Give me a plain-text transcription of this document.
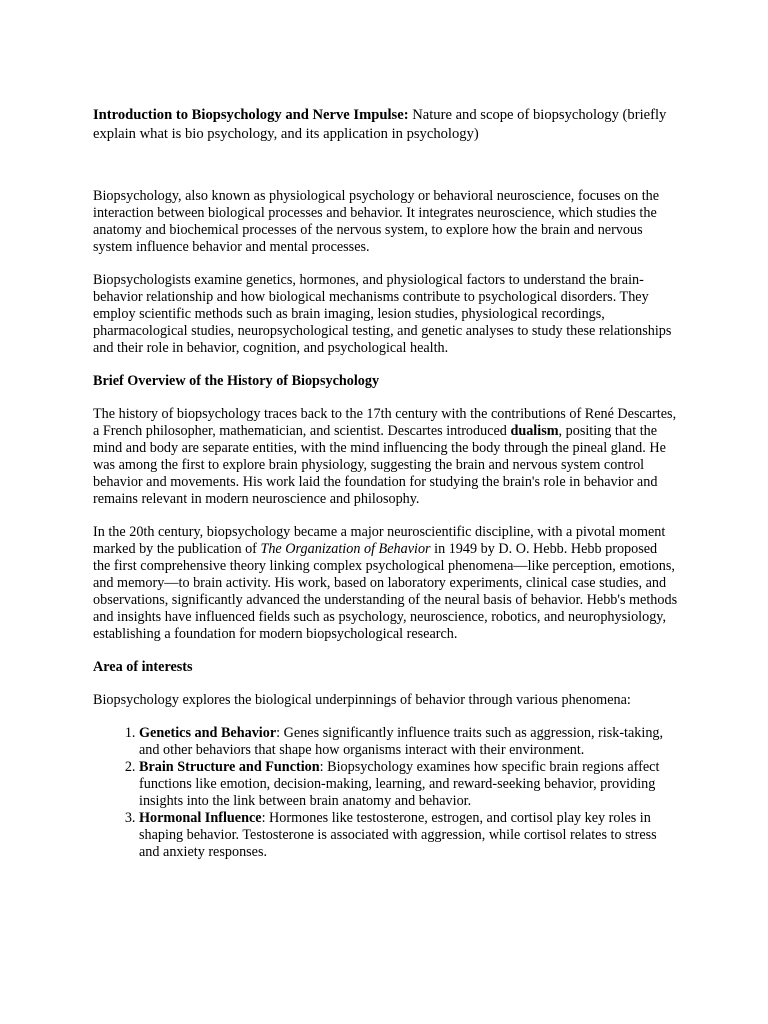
Introduction to Biopsychology and Nerve Impulse: Nature and scope of biopsychology (briefly explain what is bio psychology, and its application in psychology)

Biopsychology, also known as physiological psychology or behavioral neuroscience, focuses on the interaction between biological processes and behavior. It integrates neuroscience, which studies the anatomy and biochemical processes of the nervous system, to explore how the brain and nervous system influence behavior and mental processes.

Biopsychologists examine genetics, hormones, and physiological factors to understand the brain-behavior relationship and how biological mechanisms contribute to psychological disorders. They employ scientific methods such as brain imaging, lesion studies, physiological recordings, pharmacological studies, neuropsychological testing, and genetic analyses to study these relationships and their role in behavior, cognition, and psychological health.

Brief Overview of the History of Biopsychology

The history of biopsychology traces back to the 17th century with the contributions of René Descartes, a French philosopher, mathematician, and scientist. Descartes introduced dualism, positing that the mind and body are separate entities, with the mind influencing the body through the pineal gland. He was among the first to explore brain physiology, suggesting the brain and nervous system control behavior and movements. His work laid the foundation for studying the brain's role in behavior and remains relevant in modern neuroscience and philosophy.

In the 20th century, biopsychology became a major neuroscientific discipline, with a pivotal moment marked by the publication of The Organization of Behavior in 1949 by D. O. Hebb. Hebb proposed the first comprehensive theory linking complex psychological phenomena—like perception, emotions, and memory—to brain activity. His work, based on laboratory experiments, clinical case studies, and observations, significantly advanced the understanding of the neural basis of behavior. Hebb's methods and insights have influenced fields such as psychology, neuroscience, robotics, and neurophysiology, establishing a foundation for modern biopsychological research.

Area of interests

Biopsychology explores the biological underpinnings of behavior through various phenomena:

1. Genetics and Behavior: Genes significantly influence traits such as aggression, risk-taking, and other behaviors that shape how organisms interact with their environment.
2. Brain Structure and Function: Biopsychology examines how specific brain regions affect functions like emotion, decision-making, learning, and reward-seeking behavior, providing insights into the link between brain anatomy and behavior.
3. Hormonal Influence: Hormones like testosterone, estrogen, and cortisol play key roles in shaping behavior. Testosterone is associated with aggression, while cortisol relates to stress and anxiety responses.
